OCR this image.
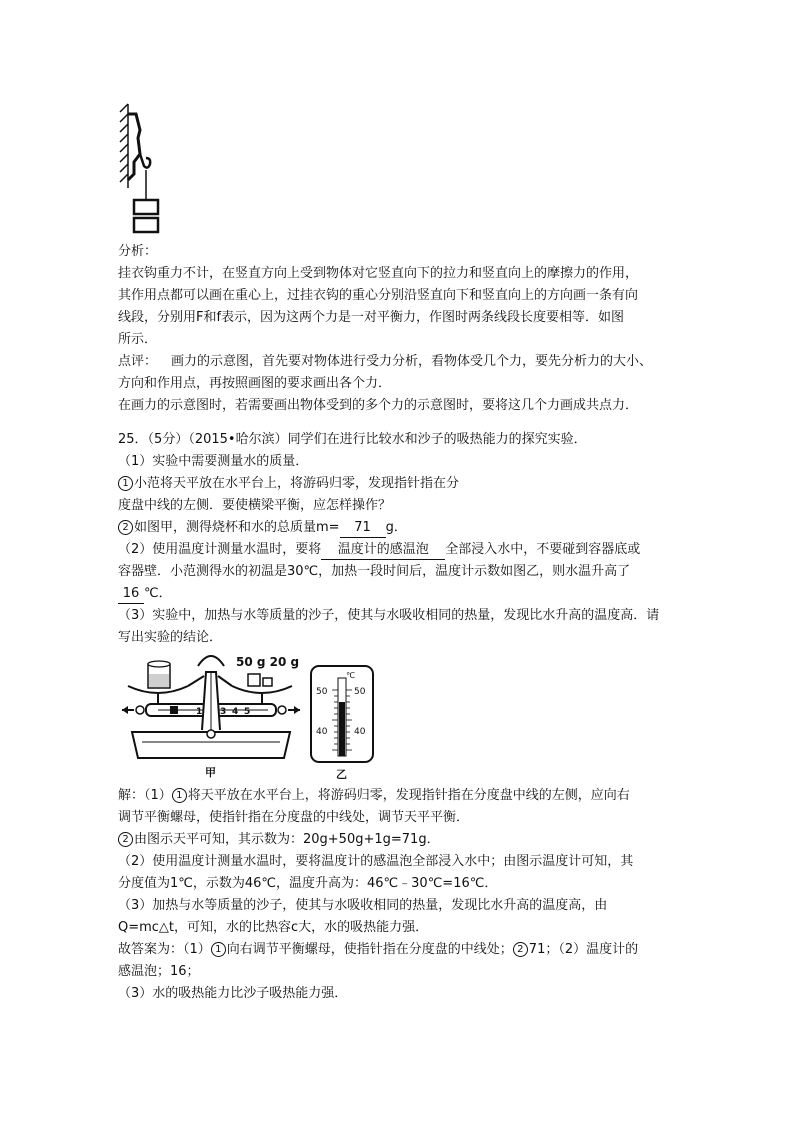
分析：
挂衣钩重力不计，在竖直方向上受到物体对它竖直向下的拉力和竖直向上的摩擦力的作用，
其作用点都可以画在重心上，过挂衣钩的重心分别沿竖直向下和竖直向上的方向画一条有向
线段，分别用F和f表示，因为这两个力是一对平衡力，作图时两条线段长度要相等．如图
所示．
点评： 画力的示意图，首先要对物体进行受力分析，看物体受几个力，要先分析力的大小、
方向和作用点，再按照画图的要求画出各个力．
在画力的示意图时，若需要画出物体受到的多个力的示意图时，要将这几个力画成共点力．
25．（5分）（2015•哈尔滨）同学们在进行比较水和沙子的吸热能力的探究实验．
（1）实验中需要测量水的质量．
1 小范将天平放在水平台上，将游码归零，发现指针指在分
度盘中线的左侧．要使横梁平衡，应怎样操作？
2 如图甲，测得烧杯和水的总质量m= 71 g．
（2）使用温度计测量水温时，要将 温度计的感温泡 全部浸入水中，不要碰到容器底或
容器壁．小范测得水的初温是30℃，加热一段时间后，温度计示数如图乙，则水温升高了
16 ℃．
（3）实验中，加热与水等质量的沙子，使其与水吸收相同的热量，发现比水升高的温度高．请
写出实验的结论．
1 3 4 5
50 g 20 g
甲
℃
50	50
40	40
乙
解：（1） 1 将天平放在水平台上，将游码归零，发现指针指在分度盘中线的左侧，应向右
调节平衡螺母，使指针指在分度盘的中线处，调节天平平衡．
2 由图示天平可知，其示数为：20g+50g+1g=71g．
（2）使用温度计测量水温时，要将温度计的感温泡全部浸入水中；由图示温度计可知，其
分度值为1℃，示数为46℃，温度升高为：46℃﹣30℃=16℃．
（3）加热与水等质量的沙子，使其与水吸收相同的热量，发现比水升高的温度高，由
Q=mc△t，可知，水的比热容c大，水的吸热能力强．
故答案为：（1） 1 向右调节平衡螺母，使指针指在分度盘的中线处； 2 71；（2）温度计的
感温泡；16；
（3）水的吸热能力比沙子吸热能力强．
